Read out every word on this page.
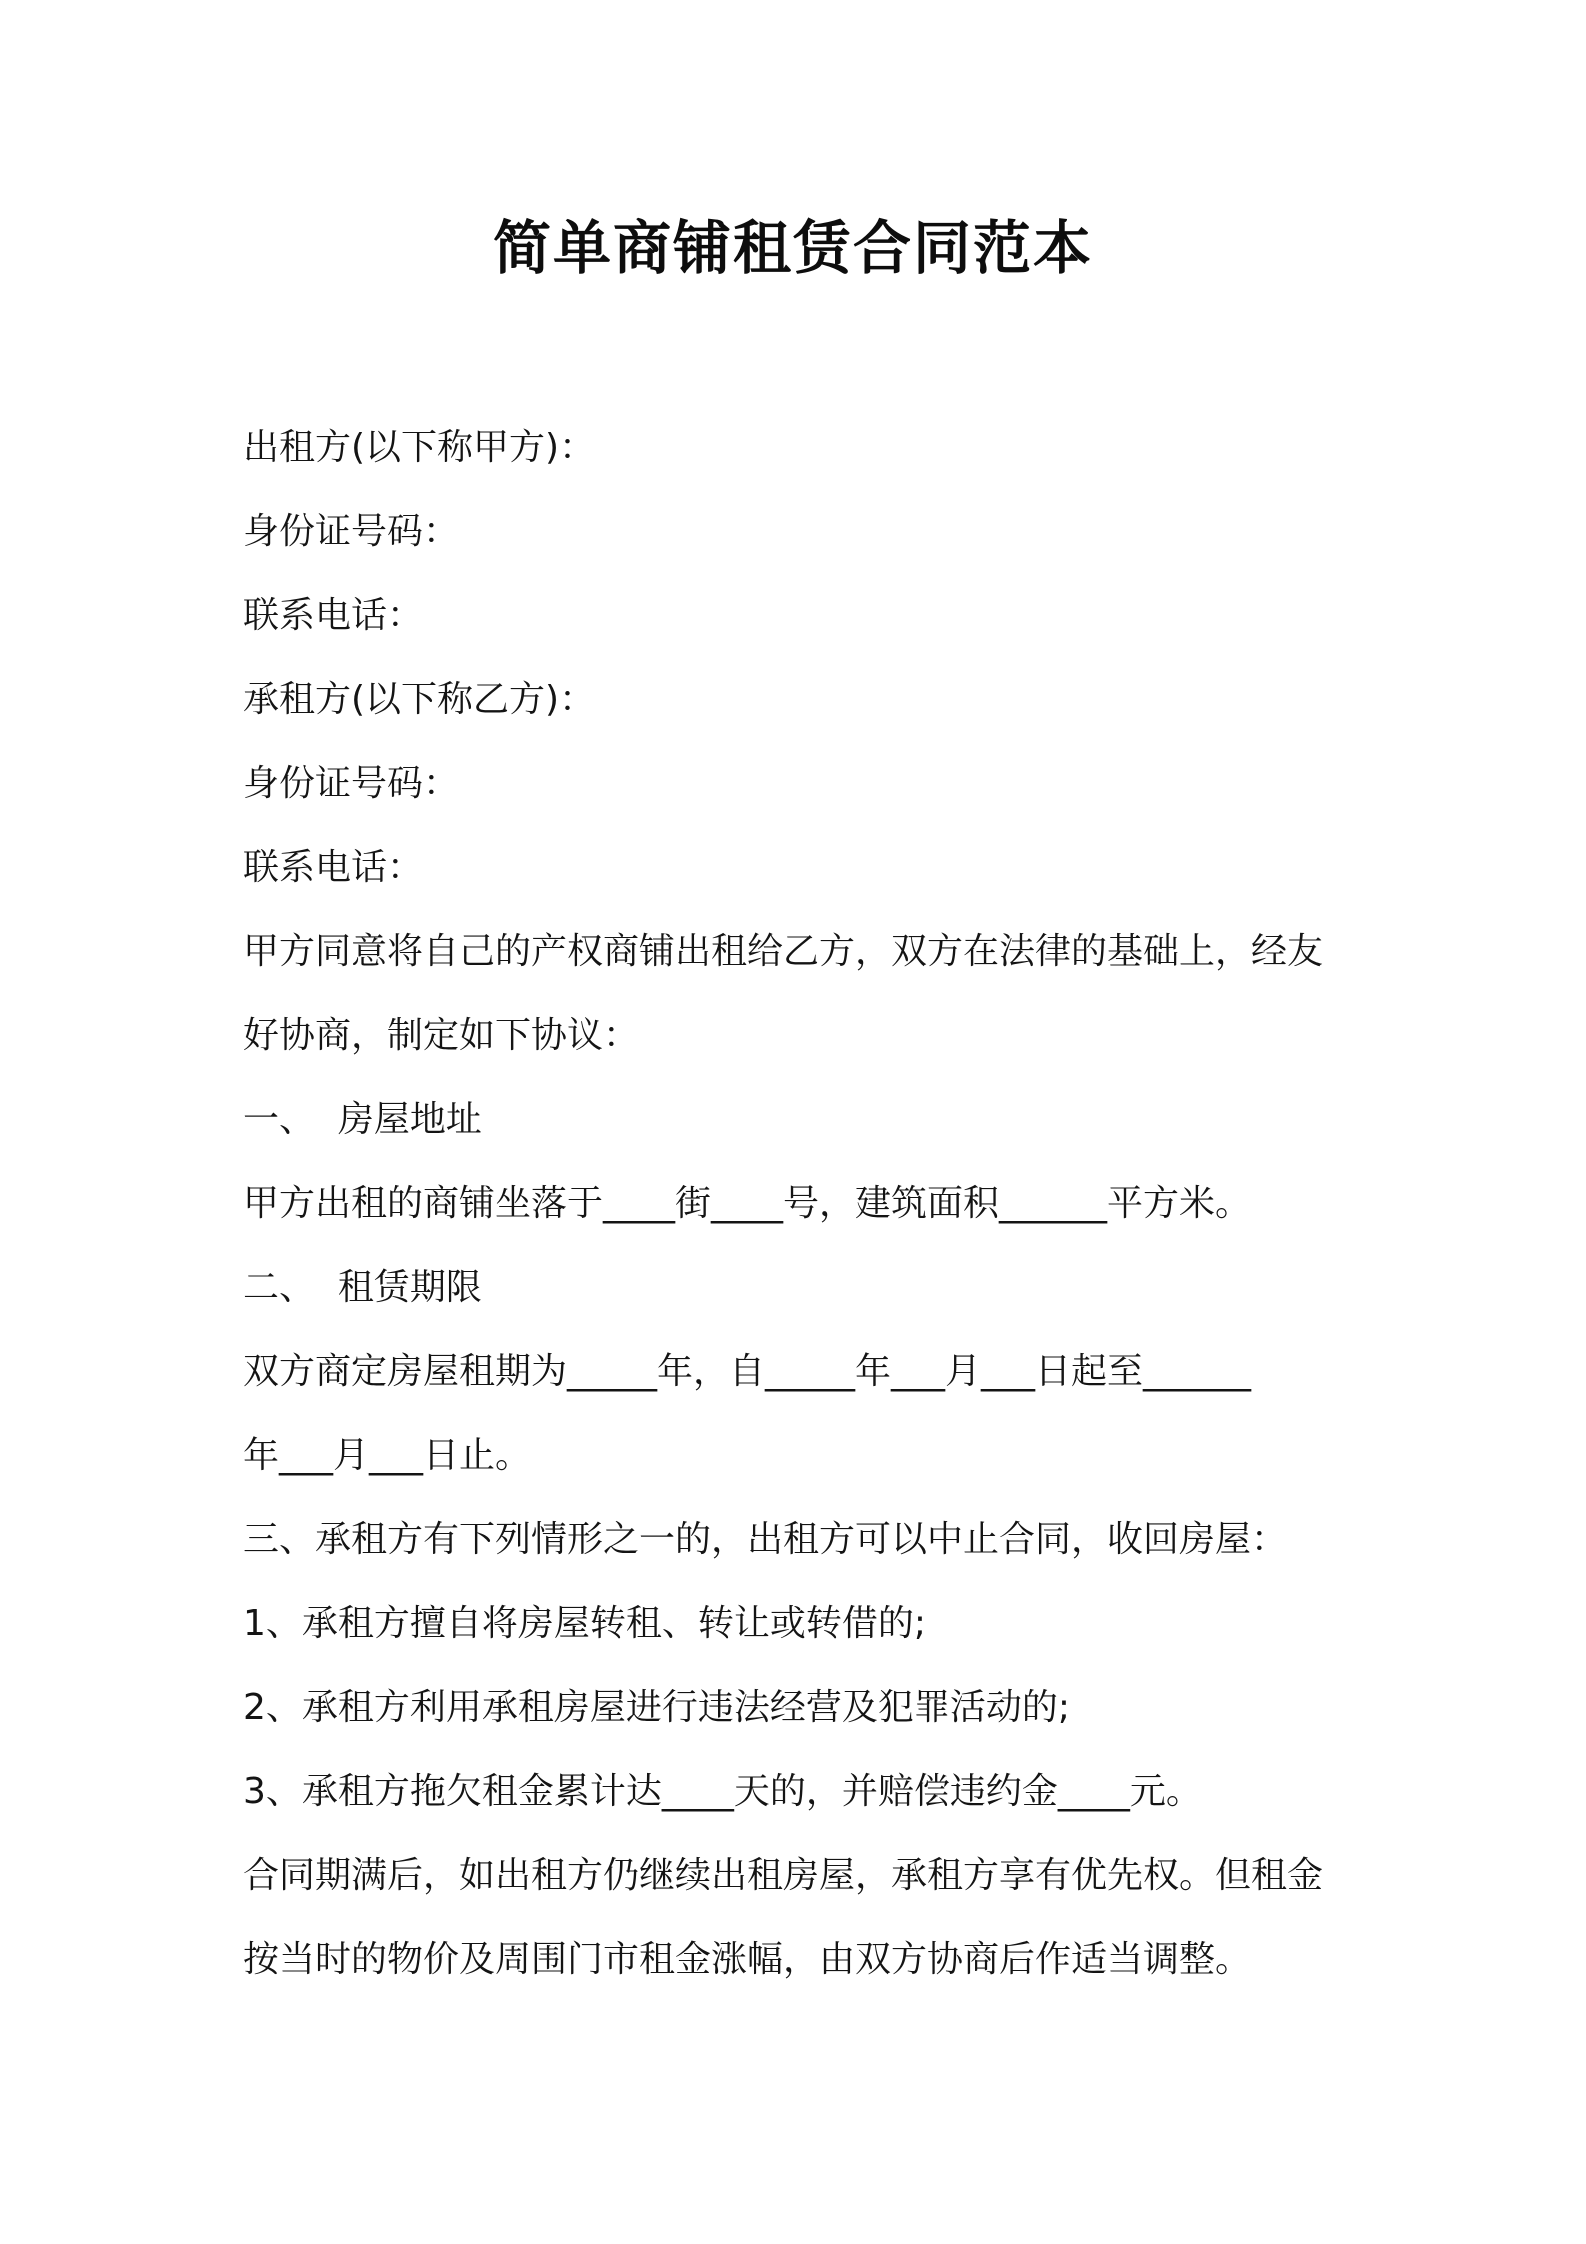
简单商铺租赁合同范本
出租方(以下称甲方)：
身份证号码：
联系电话：
承租方(以下称乙方)：
身份证号码：
联系电话：
甲方同意将自己的产权商铺出租给乙方，双方在法律的基础上，经友
好协商，制定如下协议：
一、  房屋地址
甲方出租的商铺坐落于____街____号，建筑面积______平方米。
二、  租赁期限
双方商定房屋租期为_____年，自_____年___月___日起至______
年___月___日止。
三、承租方有下列情形之一的，出租方可以中止合同，收回房屋：
1、承租方擅自将房屋转租、转让或转借的;
2、承租方利用承租房屋进行违法经营及犯罪活动的;
3、承租方拖欠租金累计达____天的，并赔偿违约金____元。
合同期满后，如出租方仍继续出租房屋，承租方享有优先权。但租金
按当时的物价及周围门市租金涨幅，由双方协商后作适当调整。
